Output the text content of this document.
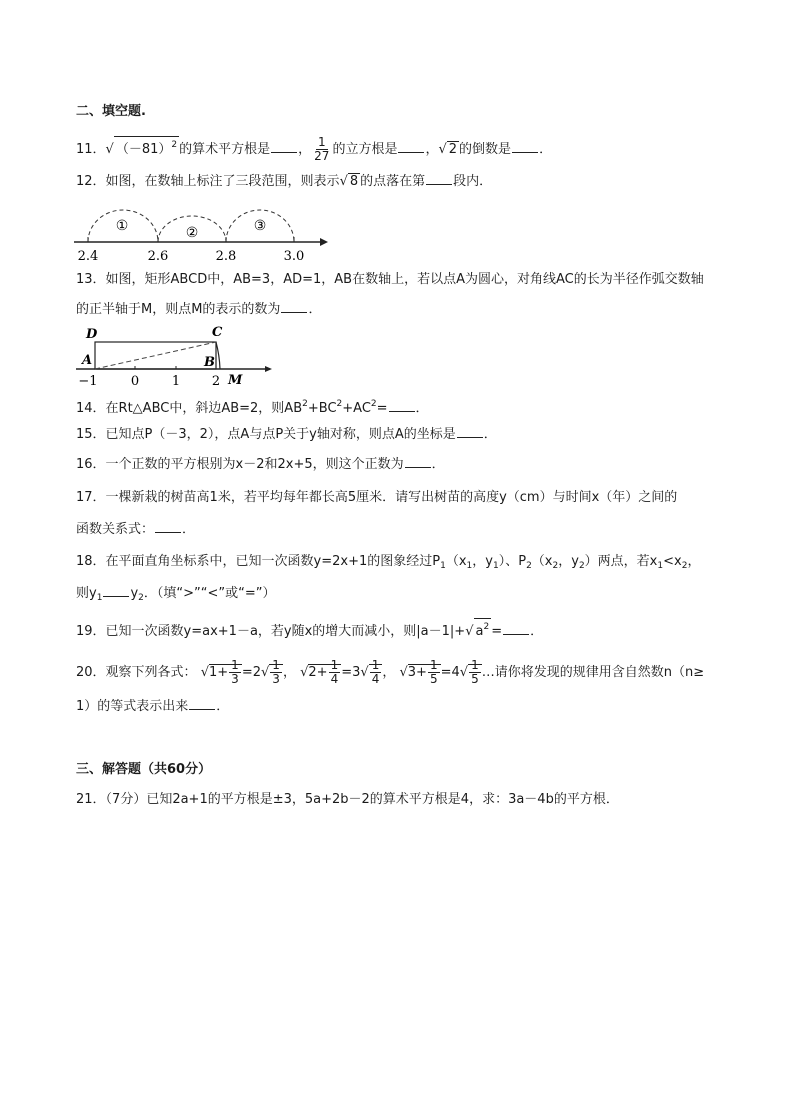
二、填空题.
11．√ $(-81)^2$ 的算术平方根是 ， $\frac{1}{27}$ 的立方根是 ，√ 2 的倒数是 ．
12．如图，在数轴上标注了三段范围，则表示√ 8 的点落在第 段内．
①	②	③
2.4	2.6	2.8	3.0
13．如图，矩形ABCD中，AB=3，AD=1，AB在数轴上，若以点A为圆心，对角线AC的长为半径作弧交数轴
的正半轴于M，则点M的表示的数为 ．
D	C
A	B
M
−1	0	1 2
14．在Rt△ABC中，斜边AB=2，则$AB^2+BC^2+AC^2=$ ．
15．已知点P（－3，2），点A与点P关于y轴对称，则点A的坐标是 ．
16．一个正数的平方根别为x－2和2x+5，则这个正数为 ．
17．一棵新栽的树苗高1米，若平均每年都长高5厘米．请写出树苗的高度y（cm）与时间x（年）之间的
函数关系式： ．
18．在平面直角坐标系中，已知一次函数y=2x+1的图象经过$P_1(x_1$，$y_1$）、$P_2(x_2$，$y_2$）两点，若$x_1<x_2$，
则$y_1$ $y_2$．（填“>”“<”或“=”）
19．已知一次函数y=ax+1－a，若y随x的增大而减小，则|a－1|+√ $a^2$ = ．
20．观察下列各式： $√1+ \frac{1}{3} =2√ \frac{1}{3}$ ， $√2+ \frac{1}{4} =3√ \frac{1}{4}$ ， $√3+ \frac{1}{5} =4√ \frac{1}{5}$ …请你将发现的规律用含自然数n（n≥
1）的等式表示出来 ．
三、解答题（共60分）
21．（7分）已知2a+1的平方根是±3，5a+2b－2的算术平方根是4，求：3a－4b的平方根．
